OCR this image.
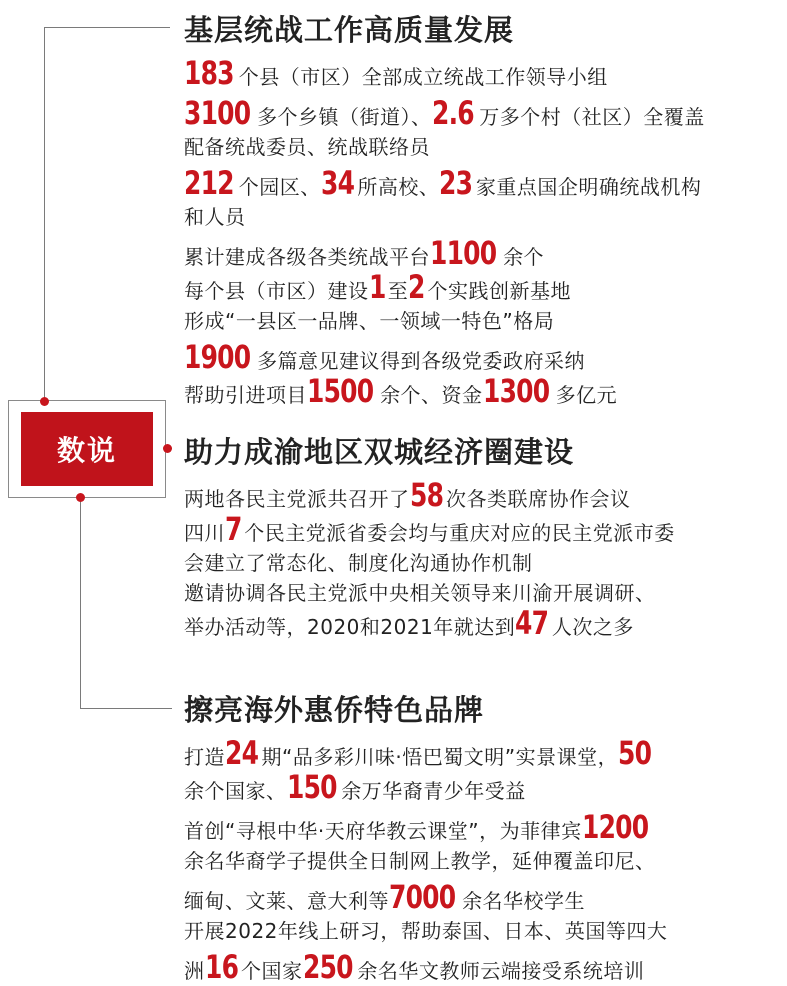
数说
基层统战工作高质量发展
183 个县（市区）全部成立统战工作领导小组
3100 多个乡镇（街道）、2.6 万多个村（社区）全覆盖
配备统战委员、统战联络员
212 个园区、34 所高校、23 家重点国企明确统战机构
和人员
累计建成各级各类统战平台1100 余个
每个县（市区）建设1 至2 个实践创新基地
形成“一县区一品牌、一领域一特色”格局
1900 多篇意见建议得到各级党委政府采纳
帮助引进项目1500 余个、资金1300 多亿元
助力成渝地区双城经济圈建设
两地各民主党派共召开了58 次各类联席协作会议
四川7 个民主党派省委会均与重庆对应的民主党派市委
会建立了常态化、制度化沟通协作机制
邀请协调各民主党派中央相关领导来川渝开展调研、
举办活动等，2020和2021年就达到47 人次之多
擦亮海外惠侨特色品牌
打造24 期“品多彩川味·悟巴蜀文明”实景课堂，50
余个国家、150 余万华裔青少年受益
首创“寻根中华·天府华教云课堂”，为菲律宾1200
余名华裔学子提供全日制网上教学，延伸覆盖印尼、
缅甸、文莱、意大利等7000 余名华校学生
开展2022年线上研习，帮助泰国、日本、英国等四大
洲16 个国家250 余名华文教师云端接受系统培训
